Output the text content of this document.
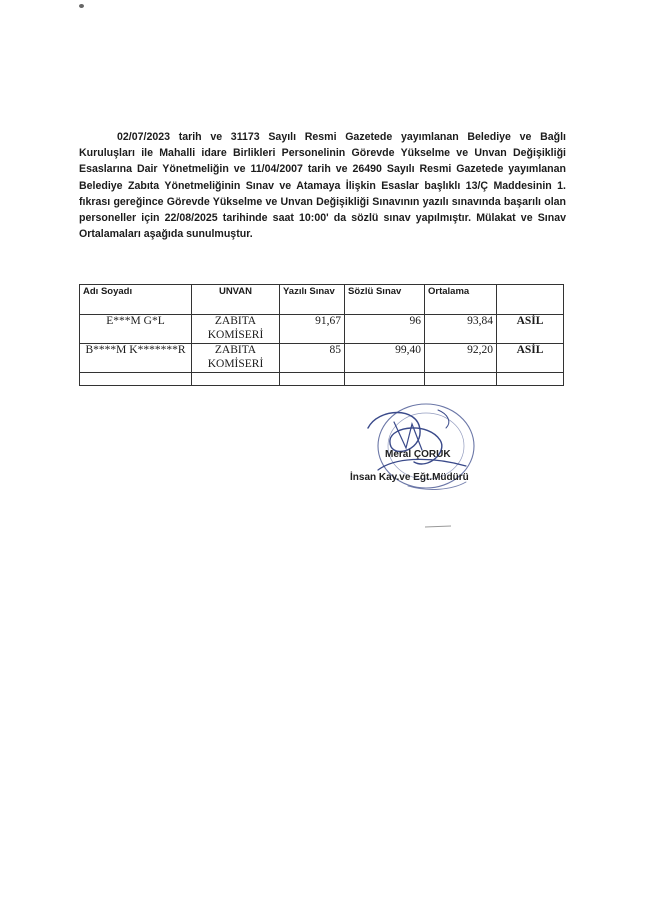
02/07/2023 tarih ve 31173 Sayılı Resmi Gazetede yayımlanan Belediye ve Bağlı Kuruluşları ile Mahalli idare Birlikleri Personelinin Görevde Yükselme ve Unvan Değişikliği Esaslarına Dair Yönetmeliğin ve 11/04/2007 tarih ve 26490 Sayılı Resmi Gazetede yayımlanan Belediye Zabıta Yönetmeliğinin Sınav ve Atamaya İlişkin Esaslar başlıklı 13/Ç Maddesinin 1. fıkrası gereğince Görevde Yükselme ve Unvan Değişikliği Sınavının yazılı sınavında başarılı olan personeller için 22/08/2025 tarihinde saat 10:00' da sözlü sınav yapılmıştır. Mülakat ve Sınav Ortalamaları aşağıda sunulmuştur.

Adı Soyadı	UNVAN	Yazılı Sınav	Sözlü Sınav	Ortalama	
E***M G*L	ZABITA KOMİSERİ	91,67	96	93,84	ASİL
B****M K*******R	ZABITA KOMİSERİ	85	99,40	92,20	ASİL

Meral ÇORUK
İnsan Kay.ve Eğt.Müdürü
